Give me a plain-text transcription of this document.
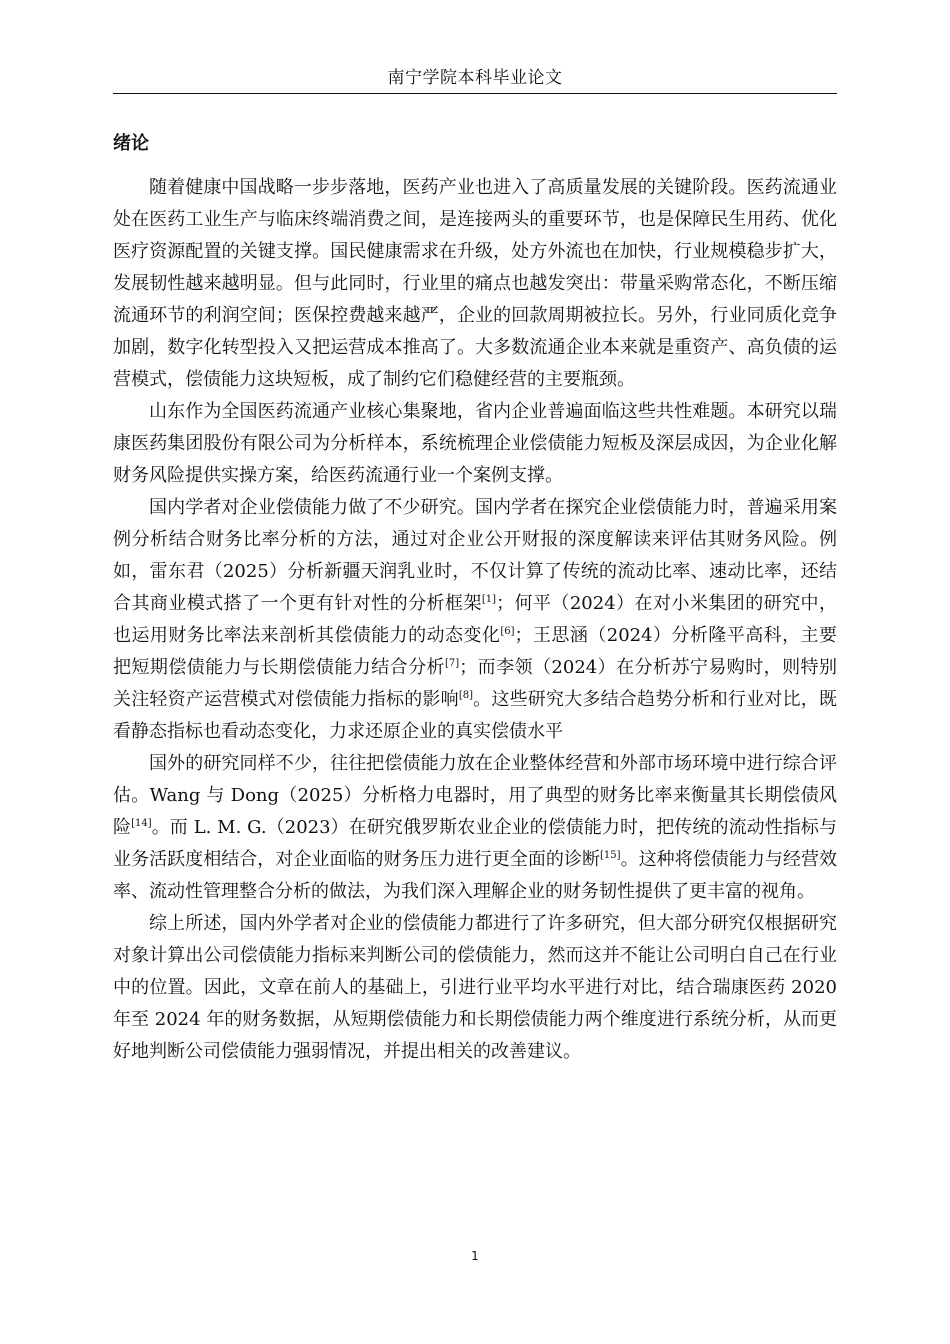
南宁学院本科毕业论文
绪论

随着健康中国战略一步步落地，医药产业也进入了高质量发展的关键阶段。医药流通业处在医药工业生产与临床终端消费之间，是连接两头的重要环节，也是保障民生用药、优化医疗资源配置的关键支撑。国民健康需求在升级，处方外流也在加快，行业规模稳步扩大，发展韧性越来越明显。但与此同时，行业里的痛点也越发突出：带量采购常态化，不断压缩流通环节的利润空间；医保控费越来越严，企业的回款周期被拉长。另外，行业同质化竞争加剧，数字化转型投入又把运营成本推高了。大多数流通企业本来就是重资产、高负债的运营模式，偿债能力这块短板，成了制约它们稳健经营的主要瓶颈。

山东作为全国医药流通产业核心集聚地，省内企业普遍面临这些共性难题。本研究以瑞康医药集团股份有限公司为分析样本，系统梳理企业偿债能力短板及深层成因，为企业化解财务风险提供实操方案，给医药流通行业一个案例支撑。

国内学者对企业偿债能力做了不少研究。国内学者在探究企业偿债能力时，普遍采用案例分析结合财务比率分析的方法，通过对企业公开财报的深度解读来评估其财务风险。例如，雷东君（2025）分析新疆天润乳业时，不仅计算了传统的流动比率、速动比率，还结合其商业模式搭了一个更有针对性的分析框架[1]；何平（2024）在对小米集团的研究中，也运用财务比率法来剖析其偿债能力的动态变化[6]；王思涵（2024）分析隆平高科，主要把短期偿债能力与长期偿债能力结合分析[7]；而李领（2024）在分析苏宁易购时，则特别关注轻资产运营模式对偿债能力指标的影响[8]。这些研究大多结合趋势分析和行业对比，既看静态指标也看动态变化，力求还原企业的真实偿债水平

国外的研究同样不少，往往把偿债能力放在企业整体经营和外部市场环境中进行综合评估。Wang 与 Dong（2025）分析格力电器时，用了典型的财务比率来衡量其长期偿债风险[14]。而 L. M. G.（2023）在研究俄罗斯农业企业的偿债能力时，把传统的流动性指标与业务活跃度相结合，对企业面临的财务压力进行更全面的诊断[15]。这种将偿债能力与经营效率、流动性管理整合分析的做法，为我们深入理解企业的财务韧性提供了更丰富的视角。

综上所述，国内外学者对企业的偿债能力都进行了许多研究，但大部分研究仅根据研究对象计算出公司偿债能力指标来判断公司的偿债能力，然而这并不能让公司明白自己在行业中的位置。因此，文章在前人的基础上，引进行业平均水平进行对比，结合瑞康医药 2020 年至 2024 年的财务数据，从短期偿债能力和长期偿债能力两个维度进行系统分析，从而更好地判断公司偿债能力强弱情况，并提出相关的改善建议。

1
